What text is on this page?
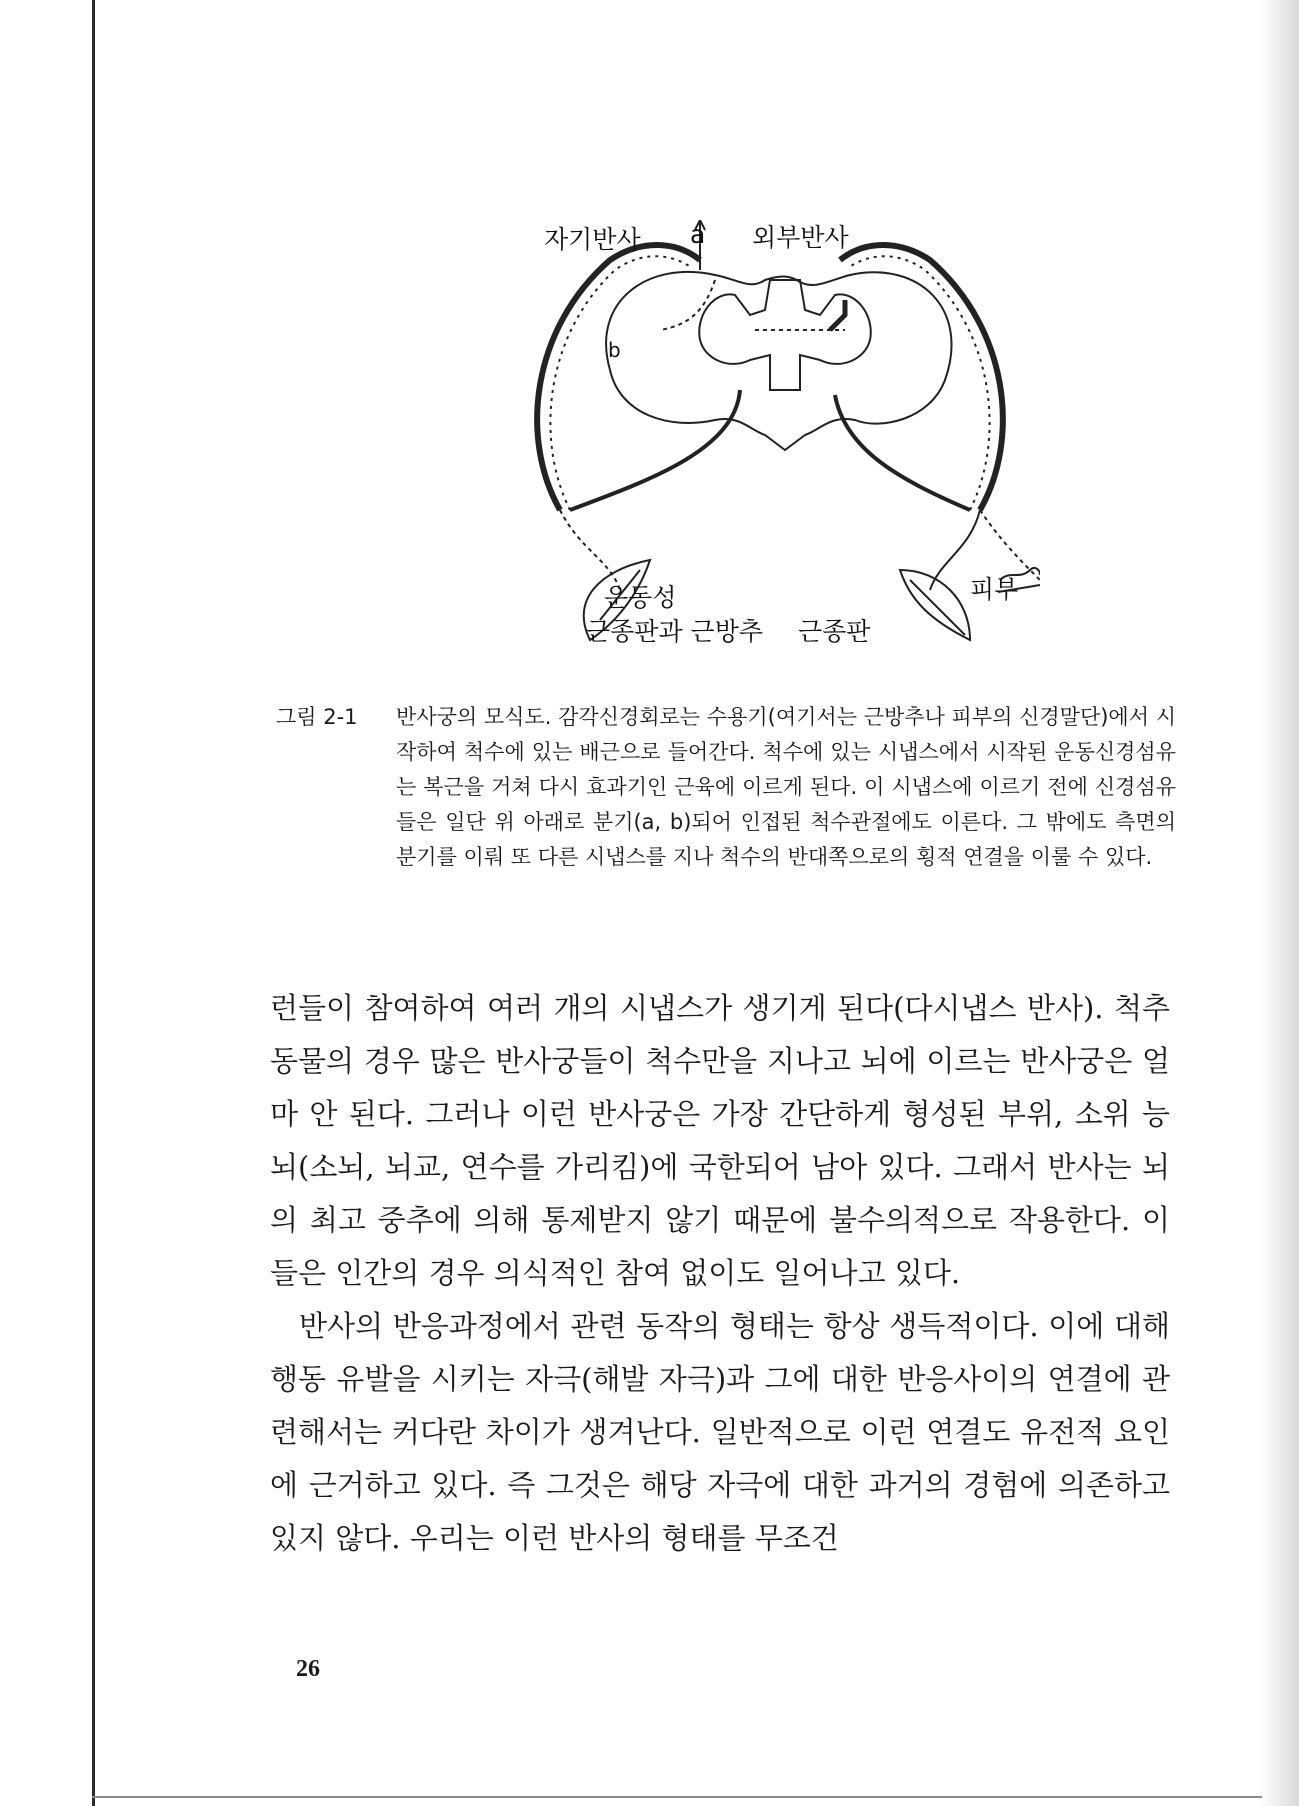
자기반사 a 외부반사
b
운동성
근종판과 근방추 근종판
피부
그림 2-1 반사궁의 모식도. 감각신경회로는 수용기(여기서는 근방추나 피부의 신경말단)에서 시작하여 척수에 있는 배근으로 들어간다. 척수에 있는 시냅스에서 시작된 운동신경섬유는 복근을 거쳐 다시 효과기인 근육에 이르게 된다. 이 시냅스에 이르기 전에 신경섬유들은 일단 위 아래로 분기(a, b)되어 인접된 척수관절에도 이른다. 그 밖에도 측면의 분기를 이뤄 또 다른 시냅스를 지나 척수의 반대쪽으로의 횡적 연결을 이룰 수 있다.

런들이 참여하여 여러 개의 시냅스가 생기게 된다(다시냅스 반사). 척추동물의 경우 많은 반사궁들이 척수만을 지나고 뇌에 이르는 반사궁은 얼마 안 된다. 그러나 이런 반사궁은 가장 간단하게 형성된 부위, 소위 능뇌(소뇌, 뇌교, 연수를 가리킴)에 국한되어 남아 있다. 그래서 반사는 뇌의 최고 중추에 의해 통제받지 않기 때문에 불수의적으로 작용한다. 이들은 인간의 경우 의식적인 참여 없이도 일어나고 있다.

반사의 반응과정에서 관련 동작의 형태는 항상 생득적이다. 이에 대해 행동 유발을 시키는 자극(해발 자극)과 그에 대한 반응사이의 연결에 관련해서는 커다란 차이가 생겨난다. 일반적으로 이런 연결도 유전적 요인에 근거하고 있다. 즉 그것은 해당 자극에 대한 과거의 경험에 의존하고 있지 않다. 우리는 이런 반사의 형태를 무조건

26
